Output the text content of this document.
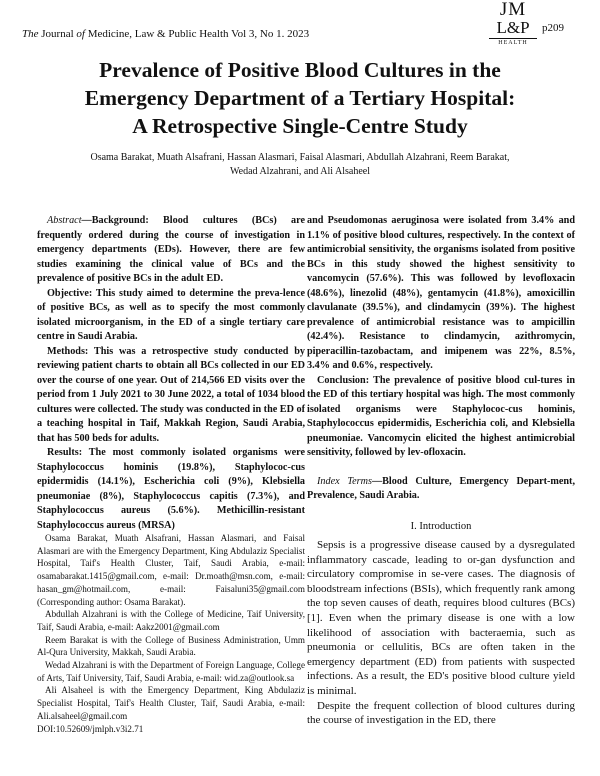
The Journal of Medicine, Law & Public Health Vol 3, No 1. 2023
JM
L&P
HEALTH
p209
Prevalence of Positive Blood Cultures in the
Emergency Department of a Tertiary Hospital:
A Retrospective Single-Centre Study
Osama Barakat, Muath Alsafrani, Hassan Alasmari, Faisal Alasmari, Abdullah Alzahrani, Reem Barakat,
Wedad Alzahrani, and Ali Alsaheel

Abstract—Background: Blood cultures (BCs) are frequently ordered during the course of investigation in emergency departments (EDs). However, there are few studies examining the clinical value of BCs and the prevalence of positive BCs in the adult ED.

Objective: This study aimed to determine the preva-lence of positive BCs, as well as to specify the most commonly isolated microorganism, in the ED of a single tertiary care centre in Saudi Arabia.

Methods: This was a retrospective study conducted by reviewing patient charts to obtain all BCs collected in our ED over the course of one year. Out of 214,566 ED visits over the period from 1 July 2021 to 30 June 2022, a total of 1034 blood cultures were collected. The study was conducted in the ED of a teaching hospital in Taif, Makkah Region, Saudi Arabia, that has 500 beds for adults.

Results: The most commonly isolated organisms were Staphylococcus hominis (19.8%), Staphylococ-cus epidermidis (14.1%), Escherichia coli (9%), Klebsiella pneumoniae (8%), Staphylococcus capitis (7.3%), and Staphylococcus aureus (5.6%). Methicillin-resistant Staphylococcus aureus (MRSA)

Osama Barakat, Muath Alsafrani, Hassan Alasmari, and Faisal Alasmari are with the Emergency Department, King Abdulaziz Specialist Hospital, Taif's Health Cluster, Taif, Saudi Arabia, e-mail: osamabarakat.1415@gmail.com, e-mail: Dr.moath@msn.com, e-mail: hasan_gm@hotmail.com, e-mail: Faisaluni35@gmail.com (Corresponding author: Osama Barakat).

Abdullah Alzahrani is with the College of Medicine, Taif University, Taif, Saudi Arabia, e-mail: Aakz2001@gmail.com

Reem Barakat is with the College of Business Administration, Umm Al-Qura University, Makkah, Saudi Arabia.

Wedad Alzahrani is with the Department of Foreign Language, College of Arts, Taif University, Taif, Saudi Arabia, e-mail: wid.za@outlook.sa

Ali Alsaheel is with the Emergency Department, King Abdulaziz Specialist Hospital, Taif's Health Cluster, Taif, Saudi Arabia, e-mail: Ali.alsaheel@gmail.com

DOI:10.52609/jmlph.v3i2.71

and Pseudomonas aeruginosa were isolated from 3.4% and 1.1% of positive blood cultures, respectively. In the context of antimicrobial sensitivity, the organisms isolated from positive BCs in this study showed the highest sensitivity to vancomycin (57.6%). This was followed by levofloxacin (48.6%), linezolid (48%), gentamycin (41.8%), amoxicillin clavulanate (39.5%), and clindamycin (39%). The highest prevalence of antimicrobial resistance was to ampicillin (42.4%). Resistance to clindamycin, azithromycin, piperacillin-tazobactam, and imipenem was 22%, 8.5%, 3.4% and 0.6%, respectively.

Conclusion: The prevalence of positive blood cul-tures in the ED of this tertiary hospital was high. The most commonly isolated organisms were Staphylococ-cus hominis, Staphylococcus epidermidis, Escherichia coli, and Klebsiella pneumoniae. Vancomycin elicited the highest antimicrobial sensitivity, followed by lev-ofloxacin.

Index Terms—Blood Culture, Emergency Depart-ment, Prevalence, Saudi Arabia.

I. Introduction

Sepsis is a progressive disease caused by a dysregulated inflammatory cascade, leading to or-gan dysfunction and circulatory compromise in se-vere cases. The diagnosis of bloodstream infections (BSIs), which frequently rank among the top seven causes of death, requires blood cultures (BCs) [1]. Even when the primary disease is one with a low likelihood of association with bacteraemia, such as pneumonia or cellulitis, BCs are often taken in the emergency department (ED) from patients with suspected infections. As a result, the ED's positive blood culture yield is minimal.

Despite the frequent collection of blood cultures during the course of investigation in the ED, there
